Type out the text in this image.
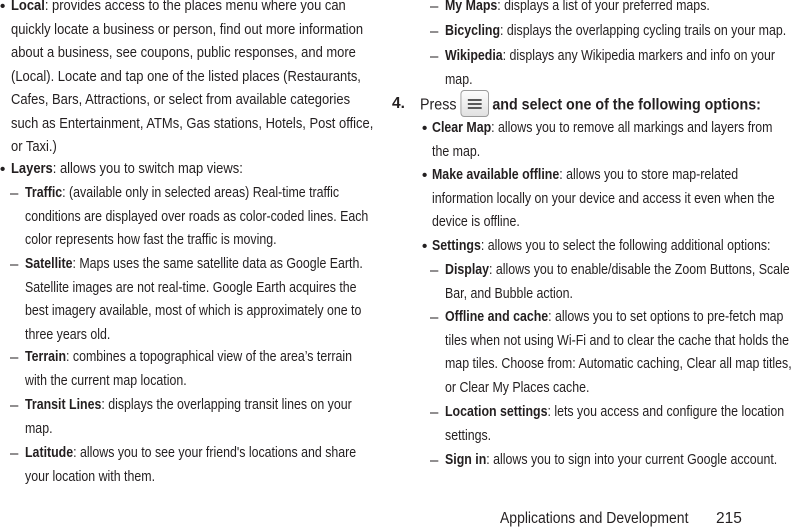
• Local: provides access to the places menu where you can
quickly locate a business or person, find out more information
about a business, see coupons, public responses, and more
(Local). Locate and tap one of the listed places (Restaurants,
Cafes, Bars, Attractions, or select from available categories
such as Entertainment, ATMs, Gas stations, Hotels, Post office,
or Taxi.)
• Layers: allows you to switch map views:
– Traffic: (available only in selected areas) Real-time traffic
conditions are displayed over roads as color-coded lines. Each
color represents how fast the traffic is moving.
– Satellite: Maps uses the same satellite data as Google Earth.
Satellite images are not real-time. Google Earth acquires the
best imagery available, most of which is approximately one to
three years old.
– Terrain: combines a topographical view of the area’s terrain
with the current map location.
– Transit Lines: displays the overlapping transit lines on your
map.
– Latitude: allows you to see your friend's locations and share
your location with them.
– My Maps: displays a list of your preferred maps.
– Bicycling: displays the overlapping cycling trails on your map.
– Wikipedia: displays any Wikipedia markers and info on your
map.
4. Press and select one of the following options:
• Clear Map: allows you to remove all markings and layers from
the map.
• Make available offline: allows you to store map-related
information locally on your device and access it even when the
device is offline.
• Settings: allows you to select the following additional options:
– Display: allows you to enable/disable the Zoom Buttons, Scale
Bar, and Bubble action.
– Offline and cache: allows you to set options to pre-fetch map
tiles when not using Wi-Fi and to clear the cache that holds the
map tiles. Choose from: Automatic caching, Clear all map titles,
or Clear My Places cache.
– Location settings: lets you access and configure the location
settings.
– Sign in: allows you to sign into your current Google account.
Applications and Development	215
